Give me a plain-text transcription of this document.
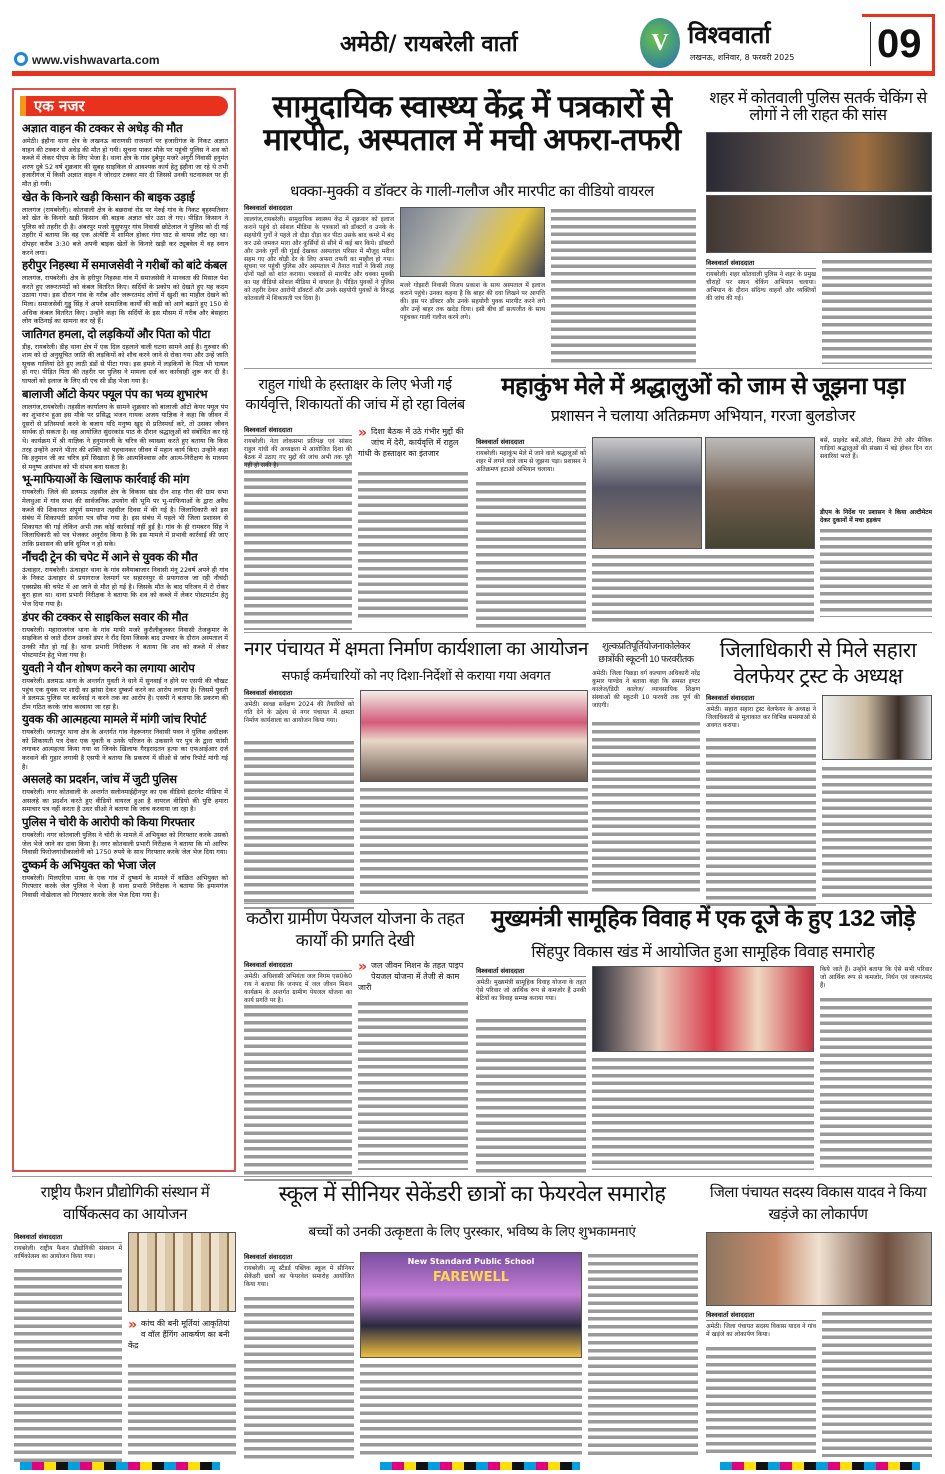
www.vishwavarta.com
अमेठी/ रायबरेली वार्ता	V विश्ववार्ता
लखनऊ, शनिवार, 8 फरवरी 2025 09
एक नजर
अज्ञात वाहन की टक्कर से अधेड़ की मौत

अमेठी। इंहौना थाना क्षेत्र के लखनऊ वाराणसी राजमार्ग पर हजारीगंज के निकट अज्ञात वाहन की टक्कर से अधेड़ की मौत हो गयी। सूचना पाकर मौके पर पहुंची पुलिस ने शव को कब्जे में लेकर पीएम के लिए भेजा है। थाना क्षेत्र के गांव दुबेपुर मजरे अंगुरी निवासी हनुमंत शरण दुबे 52 वर्ष शुक्रवार की सुबह साइकिल से आवश्यक कार्य हेतु इंहौना जा रहे थे तभी हजारीगंज में किसी अज्ञात वाहन ने जोरदार टक्कर मार दी जिससे उनकी घटनास्थल पर ही मौत हो गयी।

खेत के किनारे खड़ी किसान की बाइक उड़ाई

लालगंज (रायबरेली)। कोतवाली क्षेत्र के बछरावां रोड पर मेरुई गांव के निकट बृहस्पतिवार को खेत के किनारे खड़ी किसान की बाइक अज्ञात चोर उठा ले गए। पीड़ित किसान ने पुलिस को तहरीर दी है। अंबरपुर मजरे यूसुफपुर गांव निवासी छोटेलाल ने पुलिस को दी गई तहरीर में बताया कि वह एक अंत्येष्टि में शामिल होकर गंगा घाट से वापस लौट रहा था। दोपहर करीब 3:30 बजे अपनी बाइक खेतों के किनारे खड़ी कर ट्यूबवेल में वह स्नान करने लगा।

हरीपुर निहस्था में समाजसेवी ने गरीबों को बांटे कंबल

लालगंज, रायबरेली। क्षेत्र के हरीपुर निहस्था गांव में समाजसेवी ने मानवता की मिसाल पेश करते हुए जरूरतमंदों को कंबल वितरित किए। सर्दियों के प्रकोप को देखते हुए यह कदम उठाया गया। इस दौरान गांव के गरीब और जरूरतमंद लोगों में खुशी का माहौल देखने को मिला। समाजसेवी गुड्डू सिंह ने अपने सामाजिक कार्यों की कड़ी को आगे बढ़ाते हुए 150 से अधिक कंबल वितरित किए। उन्होंने कहा कि सर्दियों के इस मौसम में गरीब और बेसहारा लोग कठिनाई का सामना कर रहे हैं।

जातिगत हमला, दो लड़कियों और पिता को पीटा

डीह, रायबरेली। डीह थाना क्षेत्र में एक दिल दहलाने वाली घटना सामने आई है। गुरुवार की शाम को दो अनुसूचित जाति की लड़कियों को शौच करने जाने से रोका गया और उन्हें जाति सूचक गालियां देते हुए लाठी डंडों से पीटा गया। इस हमले में लड़कियों के पिता भी घायल हो गए। पीड़ित पिता की तहरीर पर पुलिस ने मामला दर्ज कर कार्रवाही शुरू कर दी है। घायलों को इलाज के लिए सी एच सी डीह भेजा गया है।

बालाजी ऑटो केयर फ्यूल पंप का भव्य शुभारंभ

लालगंज,रायबरेली। तहसील कार्यालय के सामने शुक्रवार को बालाजी ऑटो केयर फ्यूल पंप का शुभारंभ हुआ इस मौके पर प्रसिद्ध भजन गायक अजय याज्ञिक ने कहा कि जीवन में दूसरों से प्रतिस्पर्धा करने के बजाय यदि मनुष्य खुद से प्रतिस्पर्धा करे, तो उसका जीवन सार्थक हो सकता है। वह आयोजित सुंदरकांड पाठ के दौरान श्रद्धालुओं को संबोधित कर रहे थे। कार्यक्रम में श्री याज्ञिक ने हनुमानजी के चरित्र की व्याख्या करते हुए बताया कि किस तरह उन्होंने अपने भीतर की शक्ति को पहचानकर जीवन में महान कार्य किए। उन्होंने कहा कि हनुमान जी का चरित्र हमें सिखाता है कि आत्मविश्वास और आत्म-निरीक्षण के माध्यम से मनुष्य असंभव को भी संभव बना सकता है।

भू-माफियाओं के खिलाफ कार्रवाई की मांग

रायबरेली। जिले की डलमऊ तहसील क्षेत्र के विकास खंड दीन शाह गौरा की ग्राम सभा मेलथुआ में गांव सभा की सार्वजनिक उपयोग की भूमि पर भू-माफियाओं के द्वारा अवैध कब्जे की शिकायत संपूर्ण समाधान तहसील दिवस में की गई है। जिलाधिकारी को इस संबंध में शिकायती प्रार्थना पत्र सौंपा गया है। इस संबंध में पहले भी जिला प्रशासन से शिकायत की गई लेकिन अभी तक कोई कार्रवाई नहीं हुई है। गांव के ही रामबरन सिंह ने जिलाधिकारी को पत्र भेजकर अनुरोध किया है कि इस मामले में प्रभावी कार्रवाई की जाए ताकि प्रशासन की छवि धूमिल न हो सके।

नौंचदी ट्रेन की चपेट में आने से युवक की मौत

ऊंचाहार, रायबरेली। ऊंचाहार थाना के गांव सवैयाबाजार निवासी मंनू 22वर्ष अपने ही गांव के निकट ऊंचाहार से प्रयागराज रेलमार्ग पर सहारनपुर से प्रयागराज जा रही नौचंदी एक्सप्रेस की चपेट में आ जाने से मौत हो गई है। जिसके मौत के बाद परिजन में रो रोकर बुरा हाल था। थाना प्रभारी निरीक्षक ने बताया कि शव को कब्जे में लेकर पोस्टमार्टम हेतु भेज दिया गया है।

डंपर की टक्कर से साइकिल सवार की मौत

रायबरेली। महाराजगंज थाना के गांव माफी मजरे कुरौलीबुजकर निवासी तेजकुमार के साइकिल से जाते दौरान उनको डंपर ने रौंद दिया जिसके बाद उपचार के दौरान अस्पताल में उनकी मौत हो गई है। थाना प्रभारी निरीक्षक ने बताया कि शव को कब्जे में लेकर पोस्टमार्टम हेतु भेजा गया है।

युवती ने यौन शोषण करने का लगाया आरोप

रायबरेली। डलमऊ थाना के अन्तर्गत युवती ने थाने में सुनवाई न होने पर एसपी की चौखट पहुंच एक युवक पर शादी का झांसा देकर दुष्कर्म करने का आरोप लगाया है। जिसमें युवती ने डलमऊ पुलिस पर कार्रवाई न करने तक का आरोप है। एसपी ने बताया कि प्रकरण की टीम गठित करके जांच करवाया जा रहा है।

युवक की आत्महत्या मामले में मांगी जांच रिपोर्ट

रायबरेली। जगतपुर थाना क्षेत्र के अन्तर्गत गांव नेहरूनगर निवासी पवन ने पुलिस अधीक्षक को शिकायती पत्र देकर एक युवती व उनके परिजन के उकसाने पर पुत्र के द्वारा फांसी लगाकर आत्महत्या किया गया था जिनके खिलाफ गैरइरादतन हत्या का एफआईआर दर्ज करवाने की गुहार लगायी है एसपी ने बताया कि प्रकरण में सीओ से जांच रिपोर्ट मांगी गई है।

असलहे का प्रदर्शन, जांच में जुटी पुलिस

रायबरेली। नगर कोतवाली के अन्तर्गत सलोनमाईद्दीनपुर का एक वीडियो इंटरनेट मीडिया में असलहे का प्रदर्शन करते हुए वीडियो वायरल हुआ है वायरल वीडियो की पुष्टि हमारा समाचार पत्र नहीं करता है उधर सीओ ने बताया कि जांच करवाया जा रहा है।

पुलिस ने चोरी के आरोपी को किया गिरफ्तार

रायबरेली। नगर कोतवाली पुलिस ने चोरी के मामले में अभियुक्त को गिरफ्तार करके उसको जेल भेजे जाने का दावा किया है। नगर कोतवाली प्रभारी निरीक्षक ने बताया कि मो आरिफ निवासी फिरोजगांधीकालोनी को 1750 रुपये के साथ गिरफ्तार करके जेल भेज दिया गया।

दुष्कर्म के अभियुक्त को भेजा जेल

रायबरेली। मिलएरिया थाना के एक गांव में दुष्कर्म के मामले में वांछित अभियुक्त को गिरफ्तार करके जेल पुलिस ने भेजा है थाना प्रभारी निरीक्षक ने बताया कि इमामगंज निवासी नोखेलाल को गिरफ्तार करके जेल भेज दिया गया है।

सामुदायिक स्वास्थ्य केंद्र में पत्रकारों से मारपीट, अस्पताल में मची अफरा-तफरी
धक्का-मुक्की व डॉक्टर के गाली-गलौज और मारपीट का वीडियो वायरल
विश्ववार्ता संवाददाता
लालगंज,रायबरेली। सामुदायिक स्वास्थ्य केंद्र में शुक्रवार को इलाज कराने पहुंचे दो सोशल मीडिया के पत्रकारों को डॉक्टरों व उनके के सहयोगी गुर्गों ने पहले तो दौड़ा दौड़ा कर पीटा उसके बाद कमरे में बंद कर उसे जमकर मारा और कुर्सियों से सीने में कई बार किये। डॉक्टरों और उनके गुर्गों की गुंडई देखकर अस्पताल परिसर में मौजूद मरीज सहम गए और थोड़ी देर के लिए अफरा तफरी का माहौल हो गया। सूचना पर पहुंची पुलिस और अस्पताल में तैनात गार्डों ने किसी तरह दोनों पक्षों को शांत कराया। पत्रकारों से मारपीट और धक्का मुक्की का यह वीडियो सोशल मीडिया में वायरल है। पीड़ित युवकों ने पुलिस को तहरीर देकर आरोपी डॉक्टरों और उनके सहयोगी युवकों के विरुद्ध कोतवाली में शिकायती पत्र दिया है।
मजरे गोझारी निवासी विजय प्रकाश के साथ अस्पताल में इलाज कराने पहुंचे। उनका कहना है कि बाहर की दवा लिखने पर आपत्ति की। इस पर डॉक्टर और उनके सहयोगी युवक मारपीट करने लगे और उन्हें बाहर तक खदेड़ दिया। इसी बीच डॉ सत्यजीत के साथ पहुंचकर गाली गलौज करने लगे।
शहर में कोतवाली पुलिस सतर्क चेकिंग से लोगों ने ली राहत की सांस
विश्ववार्ता संवाददाता
रायबरेली। शहर कोतवाली पुलिस ने शहर के प्रमुख चौराहों पर सघन चेकिंग अभियान चलाया। अभियान के दौरान संदिग्ध वाहनों और व्यक्तियों की जांच की गई।
राहुल गांधी के हस्ताक्षर के लिए भेजी गई कार्यवृत्ति, शिकायतों की जांच में हो रहा विलंब
विश्ववार्ता संवाददाता
रायबरेली। नेता लोकसभा प्रतिपक्ष एवं सांसद राहुल गांधी की अध्यक्षता में आयोजित दिशा की बैठक में उठाए गए मुद्दों की जांच अभी तक पूरी नहीं हो सकी है।
» दिशा बैठक में उठे गंभीर मुद्दों की जांच में देरी, कार्यवृत्ति में राहुल गांधी के हस्ताक्षर का इंतजार
महाकुंभ मेले में श्रद्धालुओं को जाम से जूझना पड़ा
प्रशासन ने चलाया अतिक्रमण अभियान, गरजा बुलडोजर
विश्ववार्ता संवाददाता
रायबरेली। महाकुंभ मेले में जाने वाले श्रद्धालुओं को शहर में लगने वाले जाम से जूझना पड़ा। प्रशासन ने अतिक्रमण हटाओ अभियान चलाया।
बसें, प्राइवेट बसें,ऑटो, विक्रम टेंपो और मैजिक गाड़ियां श्रद्धालुओं की संख्या में बड़े होकर दिन रात सवारियां भरते हैं।
डीएम के निर्देश पर प्रशासन ने किया अल्टीमेटम देकर दुकानों में मचा हड़कंप
नगर पंचायत में क्षमता निर्माण कार्यशाला का आयोजन
सफाई कर्मचारियों को नए दिशा-निर्देशों से कराया गया अवगत
विश्ववार्ता संवाददाता
अमेठी। स्वच्छ सर्वेक्षण 2024 की तैयारियों को गति देने के उद्देश्य से नगर पंचायत में क्षमता निर्माण कार्यशाला का आयोजन किया गया।
शुल्कप्रतिपूर्तियोजनाकोलेकर छात्रोंकी स्कूटनी 10 फरवरीतक
अमेठी। जिला पिछड़ा वर्ग कल्याण अधिकारी नरेंद्र कुमार पाण्डेय ने बताया कहा कि समस्त इण्टर कालेज/डिग्री कालेज/ व्यावसायिक शिक्षण संस्थाओं की स्कूटनी 10 फरवरी तक पूर्ण की जाएगी।
जिलाधिकारी से मिले सहारा वेलफेयर ट्रस्ट के अध्यक्ष
विश्ववार्ता संवाददाता
अमेठी। सहारा सहारा ट्रस्ट वेलफेयर के अध्यक्ष ने जिलाधिकारी से मुलाकात कर विभिन्न समस्याओं से अवगत कराया।
कठौरा ग्रामीण पेयजल योजना के तहत कार्यों की प्रगति देखी
विश्ववार्ता संवाददाता
अमेठी। अधिशासी अभियंता जल निगम एस0के0 राय ने बताया कि जनपद में जल जीवन मिशन कार्यक्रम के अन्तर्गत ग्रामीण पेयजल योजना का कार्य प्रगति पर है।
» जल जीवन मिशन के तहत पाइप पेयजल योजना में तेजी से काम जारी
मुख्यमंत्री सामूहिक विवाह में एक दूजे के हुए 132 जोड़े
सिंहपुर विकास खंड में आयोजित हुआ सामूहिक विवाह समारोह
विश्ववार्ता संवाददाता
अमेठी। मुख्यमंत्री सामूहिक विवाह योजना के तहत ऐसे परिवार जो आर्थिक रूप से कमजोर हैं उनकी बेटियों का विवाह सम्पन्न कराया गया।
किये जाते हैं। उन्होंने बताया कि ऐसे सभी परिवार जो आर्थिक रूप से कमजोर, निर्धन एवं जरूरतमंद हैं।
राष्ट्रीय फैशन प्रौद्योगिकी संस्थान में वार्षिकत्सव का आयोजन
विश्ववार्ता संवाददाता
रायबरेली। राष्ट्रीय फैशन प्रौद्योगिकी संस्थान में वार्षिकोत्सव का आयोजन किया गया।
» कांच की बनी मूर्तियां आकृतियां व वॉल हैंगिंग आकर्षण का बनी केंद्र
स्कूल में सीनियर सेकेंडरी छात्रों का फेयरवेल समारोह
बच्चों को उनकी उत्कृष्टता के लिए पुरस्कार, भविष्य के लिए शुभकामनाएं
विश्ववार्ता संवाददाता
रायबरेली। न्यू स्टैंडर्ड पब्लिक स्कूल में सीनियर सेकेंडरी छात्रों का फेयरवेल समारोह आयोजित किया गया।
New Standard Public School
FAREWELL
जिला पंचायत सदस्य विकास यादव ने किया खड़ंजे का लोकार्पण
विश्ववार्ता संवाददाता
अमेठी। जिला पंचायत सदस्य विकास यादव ने गांव में खड़ंजे का लोकार्पण किया।
